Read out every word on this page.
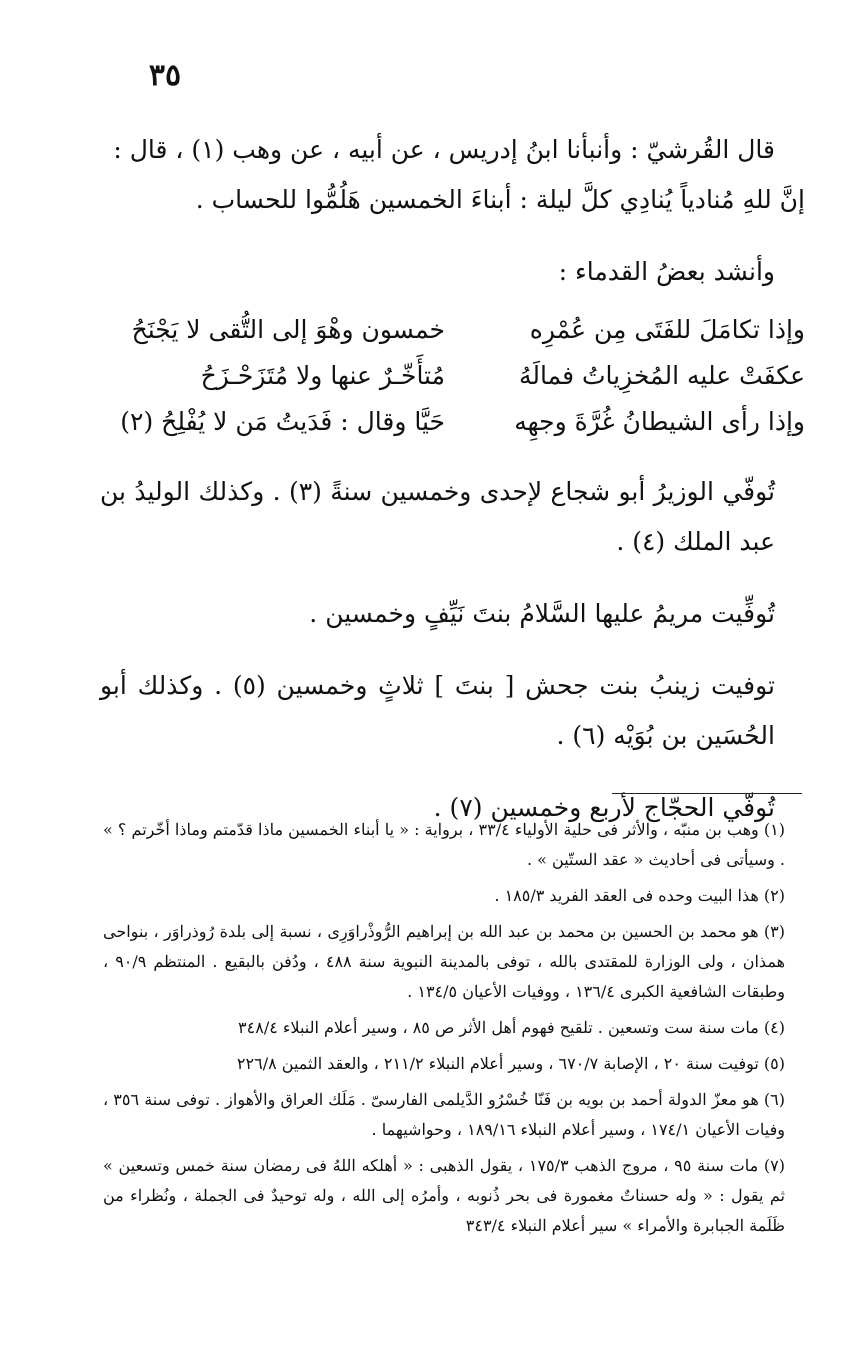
٣٥

قال القُرشيّ : وأنبأنا ابنُ إدريس ، عن أبيه ، عن وهب (١) ، قال :

إنَّ للهِ مُنادياً يُنادِي كلَّ ليلة : أبناءَ الخمسين هَلُمُّوا للحساب .

وأنشد بعضُ القدماء :

وإذا تكامَلَ للفَتَى مِن عُمْرِه
خمسون وهْوَ إلى التُّقى لا يَجْنَحُ
عكفَتْ عليه المُخزِياتُ فمالَهُ
مُتأَخّـرٌ عنها ولا مُتَزَحْـزَحُ
وإذا رأى الشيطانُ غُرَّةَ وجهِه
حَيَّا وقال : فَدَيتُ مَن لا يُفْلِحُ (٢)

تُوفّي الوزيرُ أبو شجاع لإحدى وخمسين سنةً (٣) . وكذلك الوليدُ بن عبد الملك (٤) .

تُوفِّيت مريمُ عليها السَّلامُ بنتَ نَيِّفٍ وخمسين .

توفيت زينبُ بنت جحش [ بنتَ ] ثلاثٍ وخمسين (٥) . وكذلك أبو الحُسَين بن بُوَيْه (٦) .

تُوفّي الحجّاج لأربع وخمسين (٧) .

(١) وهب بن منبّه ، والأثر فى حلية الأولياء ٣٣/٤ ، برواية : « يا أبناء الخمسين ماذا قدّمتم وماذا أخّرتم ؟ » . وسيأتى فى أحاديث « عقد الستّين » .

(٢) هذا البيت وحده فى العقد الفريد ١٨٥/٣ .

(٣) هو محمد بن الحسين بن محمد بن عبد الله بن إبراهيم الرُّوذْراوَرِى ، نسبة إلى بلدة رُوذراوَر ، بنواحى همذان ، ولى الوزارة للمقتدى بالله ، توفى بالمدينة النبوية سنة ٤٨٨ ، ودُفن بالبقيع . المنتظم ٩٠/٩ ، وطبقات الشافعية الكبرى ١٣٦/٤ ، ووفيات الأعيان ١٣٤/٥ .

(٤) مات سنة ست وتسعين . تلقيح فهوم أهل الأثر ص ٨٥ ، وسير أعلام النبلاء ٣٤٨/٤

(٥) توفيت سنة ٢٠ ، الإصابة ٦٧٠/٧ ، وسير أعلام النبلاء ٢١١/٢ ، والعقد الثمين ٢٢٦/٨

(٦) هو معزّ الدولة أحمد بن بويه بن فَنّا خُسْرُو الدَّيلمى الفارسىّ . مَلَك العراق والأهواز . توفى سنة ٣٥٦ ، وفيات الأعيان ١٧٤/١ ، وسير أعلام النبلاء ١٨٩/١٦ ، وحواشيهما .

(٧) مات سنة ٩٥ ، مروج الذهب ١٧٥/٣ ، يقول الذهبى : « أهلكه اللهُ فى رمضان سنة خمس وتسعين » ثم يقول : « وله حسناتٌ مغمورة فى بحر ذُنوبه ، وأمرُه إلى الله ، وله توحيدٌ فى الجملة ، ونُظراء من ظَلَمة الجبابرة والأمراء » سير أعلام النبلاء ٣٤٣/٤
